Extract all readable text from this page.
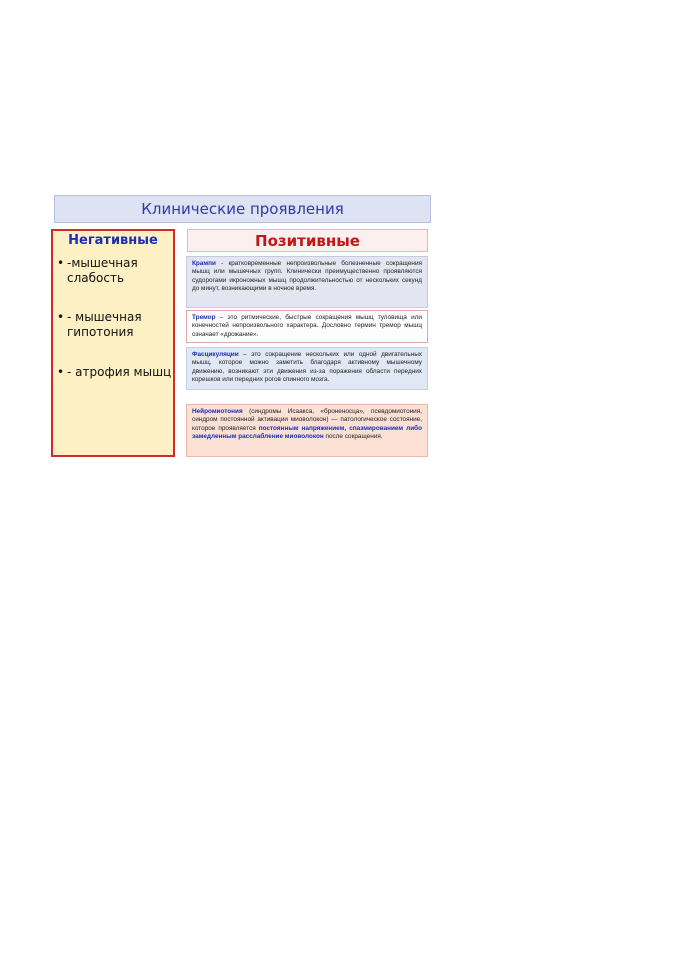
Клинические проявления
Негативные
• -мышечная слабость
• - мышечная гипотония
• - атрофия мышц
Позитивные
Крампи - кратковременные непроизвольные болезненные сокращения мышц или мышечных групп. Клинически преимущественно проявляются судорогами икроножных мышц продолжительностью от нескольких секунд до минут, возникающими в ночное время.
Тремор – это ритмические, быстрые сокращения мышц туловища или конечностей непроизвольного характера. Дословно термин тремор мышц означает «дрожание».
Фасцикуляции – это сокращение нескольких или одной двигательных мышц, которое можно заметить благодаря активному мышечному движению, возникают эти движения из-за поражения области передних корешков или передних рогов спинного мозга.
Нейромиотония (синдромы Исаакса, «броненосца», псевдомиотония, синдром постоянной активации миоволокон) — патологическое состояние, которое проявляется постоянным напряжением, спазмированием либо замедленным расслабление миоволокон после сокращения.
